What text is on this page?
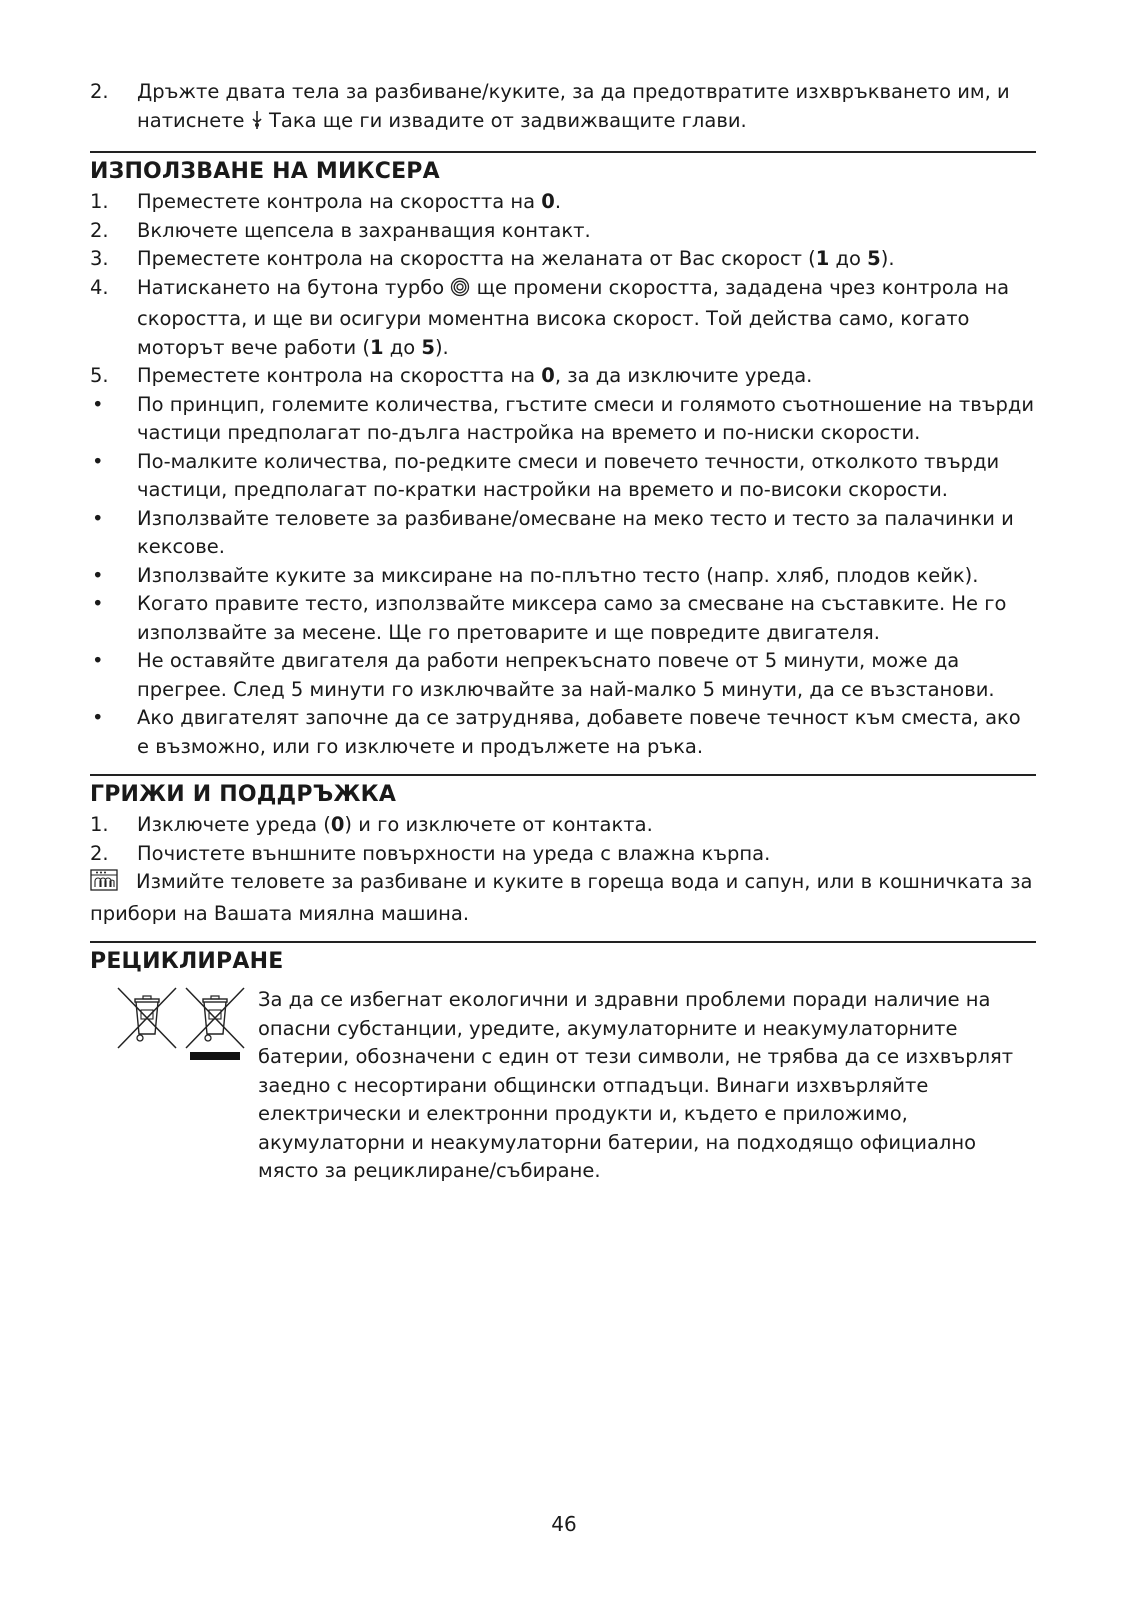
2.	Дръжте двата тела за разбиване/куките, за да предотвратите изхвръкването им, и
натиснете Така ще ги извадите от задвижващите глави.
ИЗПОЛЗВАНЕ НА МИКСЕРА
1.	Преместете контрола на скоростта на 0.
2.	Включете щепсела в захранващия контакт.
3.	Преместете контрола на скоростта на желаната от Вас скорост (1 до 5).
4.	Натискането на бутона турбо ще промени скоростта, зададена чрез контрола на скоростта, и ще ви осигури моментна висока скорост. Той действа само, когато моторът вече работи (1 до 5).
5.	Преместете контрола на скоростта на 0, за да изключите уреда.
•	По принцип, големите количества, гъстите смеси и голямото съотношение на твърди частици предполагат по-дълга настройка на времето и по-ниски скорости.
•	По-малките количества, по-редките смеси и повечето течности, отколкото твърди частици, предполагат по-кратки настройки на времето и по-високи скорости.
•	Използвайте теловете за разбиване/омесване на меко тесто и тесто за палачинки и кексове.
•	Използвайте куките за миксиране на по-плътно тесто (напр. хляб, плодов кейк).
•	Когато правите тесто, използвайте миксера само за смесване на съставките. Не го използвайте за месене. Ще го претоварите и ще повредите двигателя.
•	Не оставяйте двигателя да работи непрекъснато повече от 5 минути, може да прегрее. След 5 минути го изключвайте за най-малко 5 минути, да се възстанови.
•	Ако двигателят започне да се затруднява, добавете повече течност към сместа, ако е възможно, или го изключете и продължете на ръка.
ГРИЖИ И ПОДДРЪЖКА
1.	Изключете уреда (0) и го изключете от контакта.
2.	Почистете външните повърхности на уреда с влажна кърпа.
Измийте теловете за разбиване и куките в гореща вода и сапун, или в кошничката за прибори на Вашата миялна машина.
РЕЦИКЛИРАНЕ
За да се избегнат екологични и здравни проблеми поради наличие на опасни субстанции, уредите, акумулаторните и неакумулаторните батерии, обозначени с един от тези символи, не трябва да се изхвърлят заедно с несортирани общински отпадъци. Винаги изхвърляйте електрически и електронни продукти и, където е приложимо, акумулаторни и неакумулаторни батерии, на подходящо официално място за рециклиране/събиране.
46
